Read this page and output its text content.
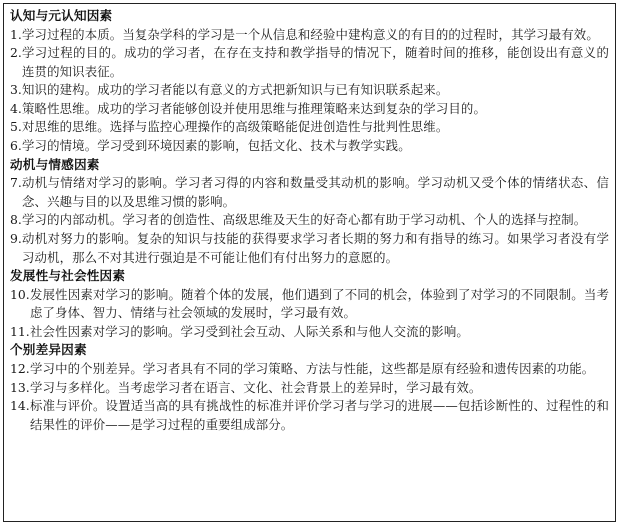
认知与元认知因素
1. 学习过程的本质。当复杂学科的学习是一个从信息和经验中建构意义的有目的的过程时，其学习最有效。
2. 学习过程的目的。成功的学习者，在存在支持和教学指导的情况下，随着时间的推移，能创设出有意义的连贯的知识表征。
3. 知识的建构。成功的学习者能以有意义的方式把新知识与已有知识联系起来。
4. 策略性思维。成功的学习者能够创设并使用思维与推理策略来达到复杂的学习目的。
5. 对思维的思维。选择与监控心理操作的高级策略能促进创造性与批判性思维。
6. 学习的情境。学习受到环境因素的影响，包括文化、技术与教学实践。
动机与情感因素
7. 动机与情绪对学习的影响。学习者习得的内容和数量受其动机的影响。学习动机又受个体的情绪状态、信念、兴趣与目的以及思维习惯的影响。
8. 学习的内部动机。学习者的创造性、高级思维及天生的好奇心都有助于学习动机、个人的选择与控制。
9. 动机对努力的影响。复杂的知识与技能的获得要求学习者长期的努力和有指导的练习。如果学习者没有学习动机，那么不对其进行强迫是不可能让他们有付出努力的意愿的。
发展性与社会性因素
10. 发展性因素对学习的影响。随着个体的发展，他们遇到了不同的机会，体验到了对学习的不同限制。当考虑了身体、智力、情绪与社会领域的发展时，学习最有效。
11. 社会性因素对学习的影响。学习受到社会互动、人际关系和与他人交流的影响。
个别差异因素
12. 学习中的个别差异。学习者具有不同的学习策略、方法与性能，这些都是原有经验和遗传因素的功能。
13. 学习与多样化。当考虑学习者在语言、文化、社会背景上的差异时，学习最有效。
14. 标准与评价。设置适当高的具有挑战性的标准并评价学习者与学习的进展——包括诊断性的、过程性的和结果性的评价——是学习过程的重要组成部分。
